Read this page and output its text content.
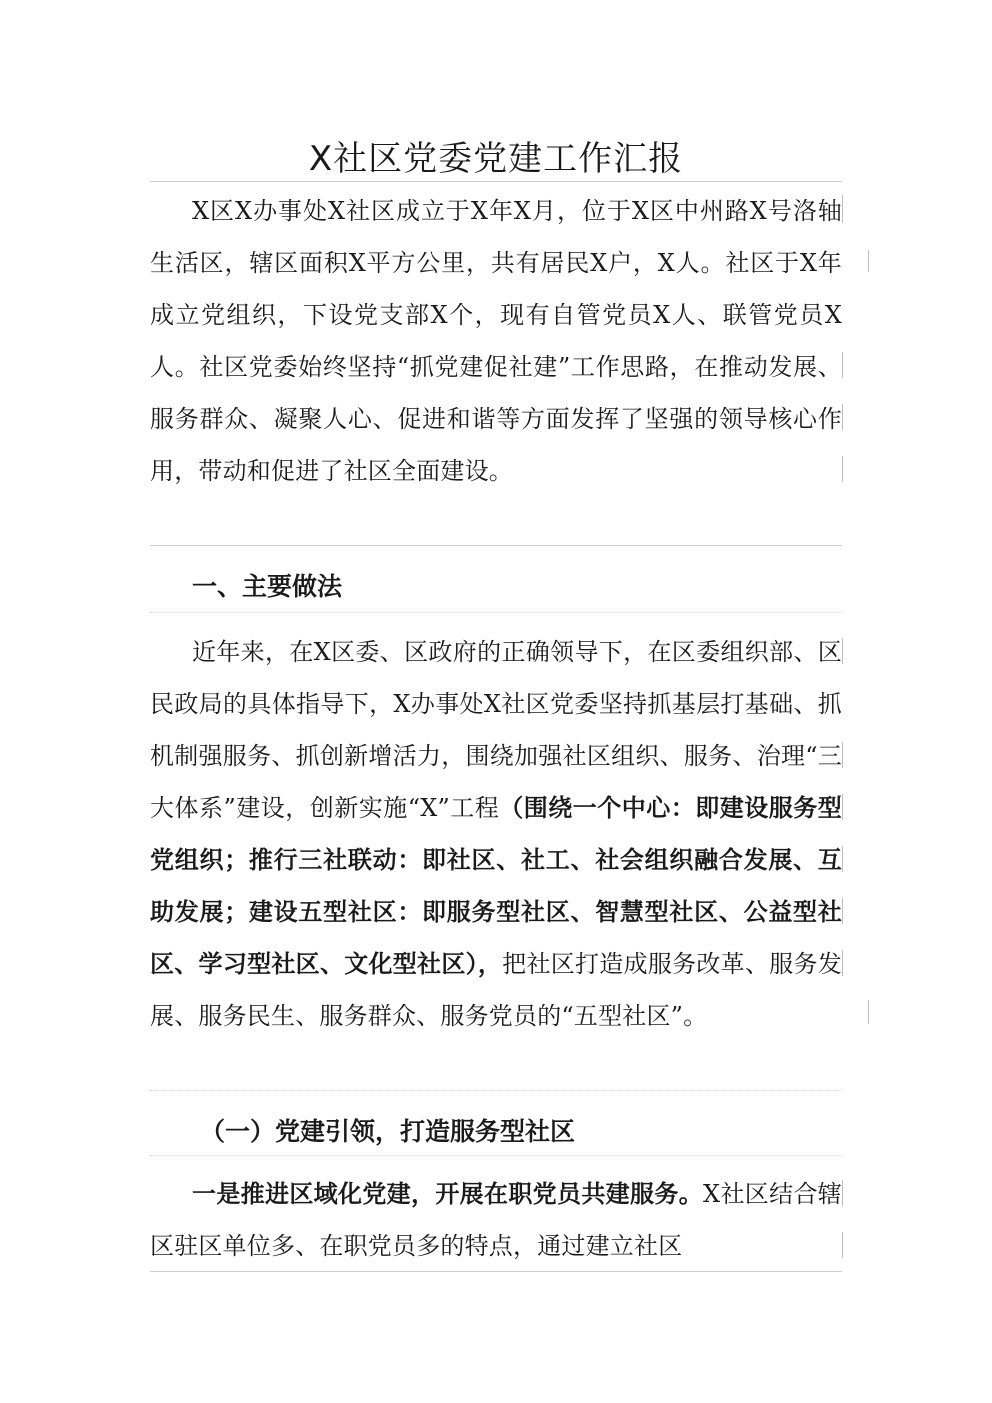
X社区党委党建工作汇报
X区X办事处X社区成立于X年X月，位于X区中州路X号洛轴生活区，辖区面积X平方公里，共有居民X户，X人。社区于X年成立党组织，下设党支部X个，现有自管党员X人、联管党员X人。社区党委始终坚持“抓党建促社建”工作思路，在推动发展、服务群众、凝聚人心、促进和谐等方面发挥了坚强的领导核心作用，带动和促进了社区全面建设。
一、主要做法
近年来，在X区委、区政府的正确领导下，在区委组织部、区民政局的具体指导下，X办事处X社区党委坚持抓基层打基础、抓机制强服务、抓创新增活力，围绕加强社区组织、服务、治理“三大体系”建设，创新实施“X”工程（围绕一个中心：即建设服务型党组织；推行三社联动：即社区、社工、社会组织融合发展、互助发展；建设五型社区：即服务型社区、智慧型社区、公益型社区、学习型社区、文化型社区），把社区打造成服务改革、服务发展、服务民生、服务群众、服务党员的“五型社区”。
（一）党建引领，打造服务型社区
一是推进区域化党建，开展在职党员共建服务。X社区结合辖区驻区单位多、在职党员多的特点，通过建立社区
